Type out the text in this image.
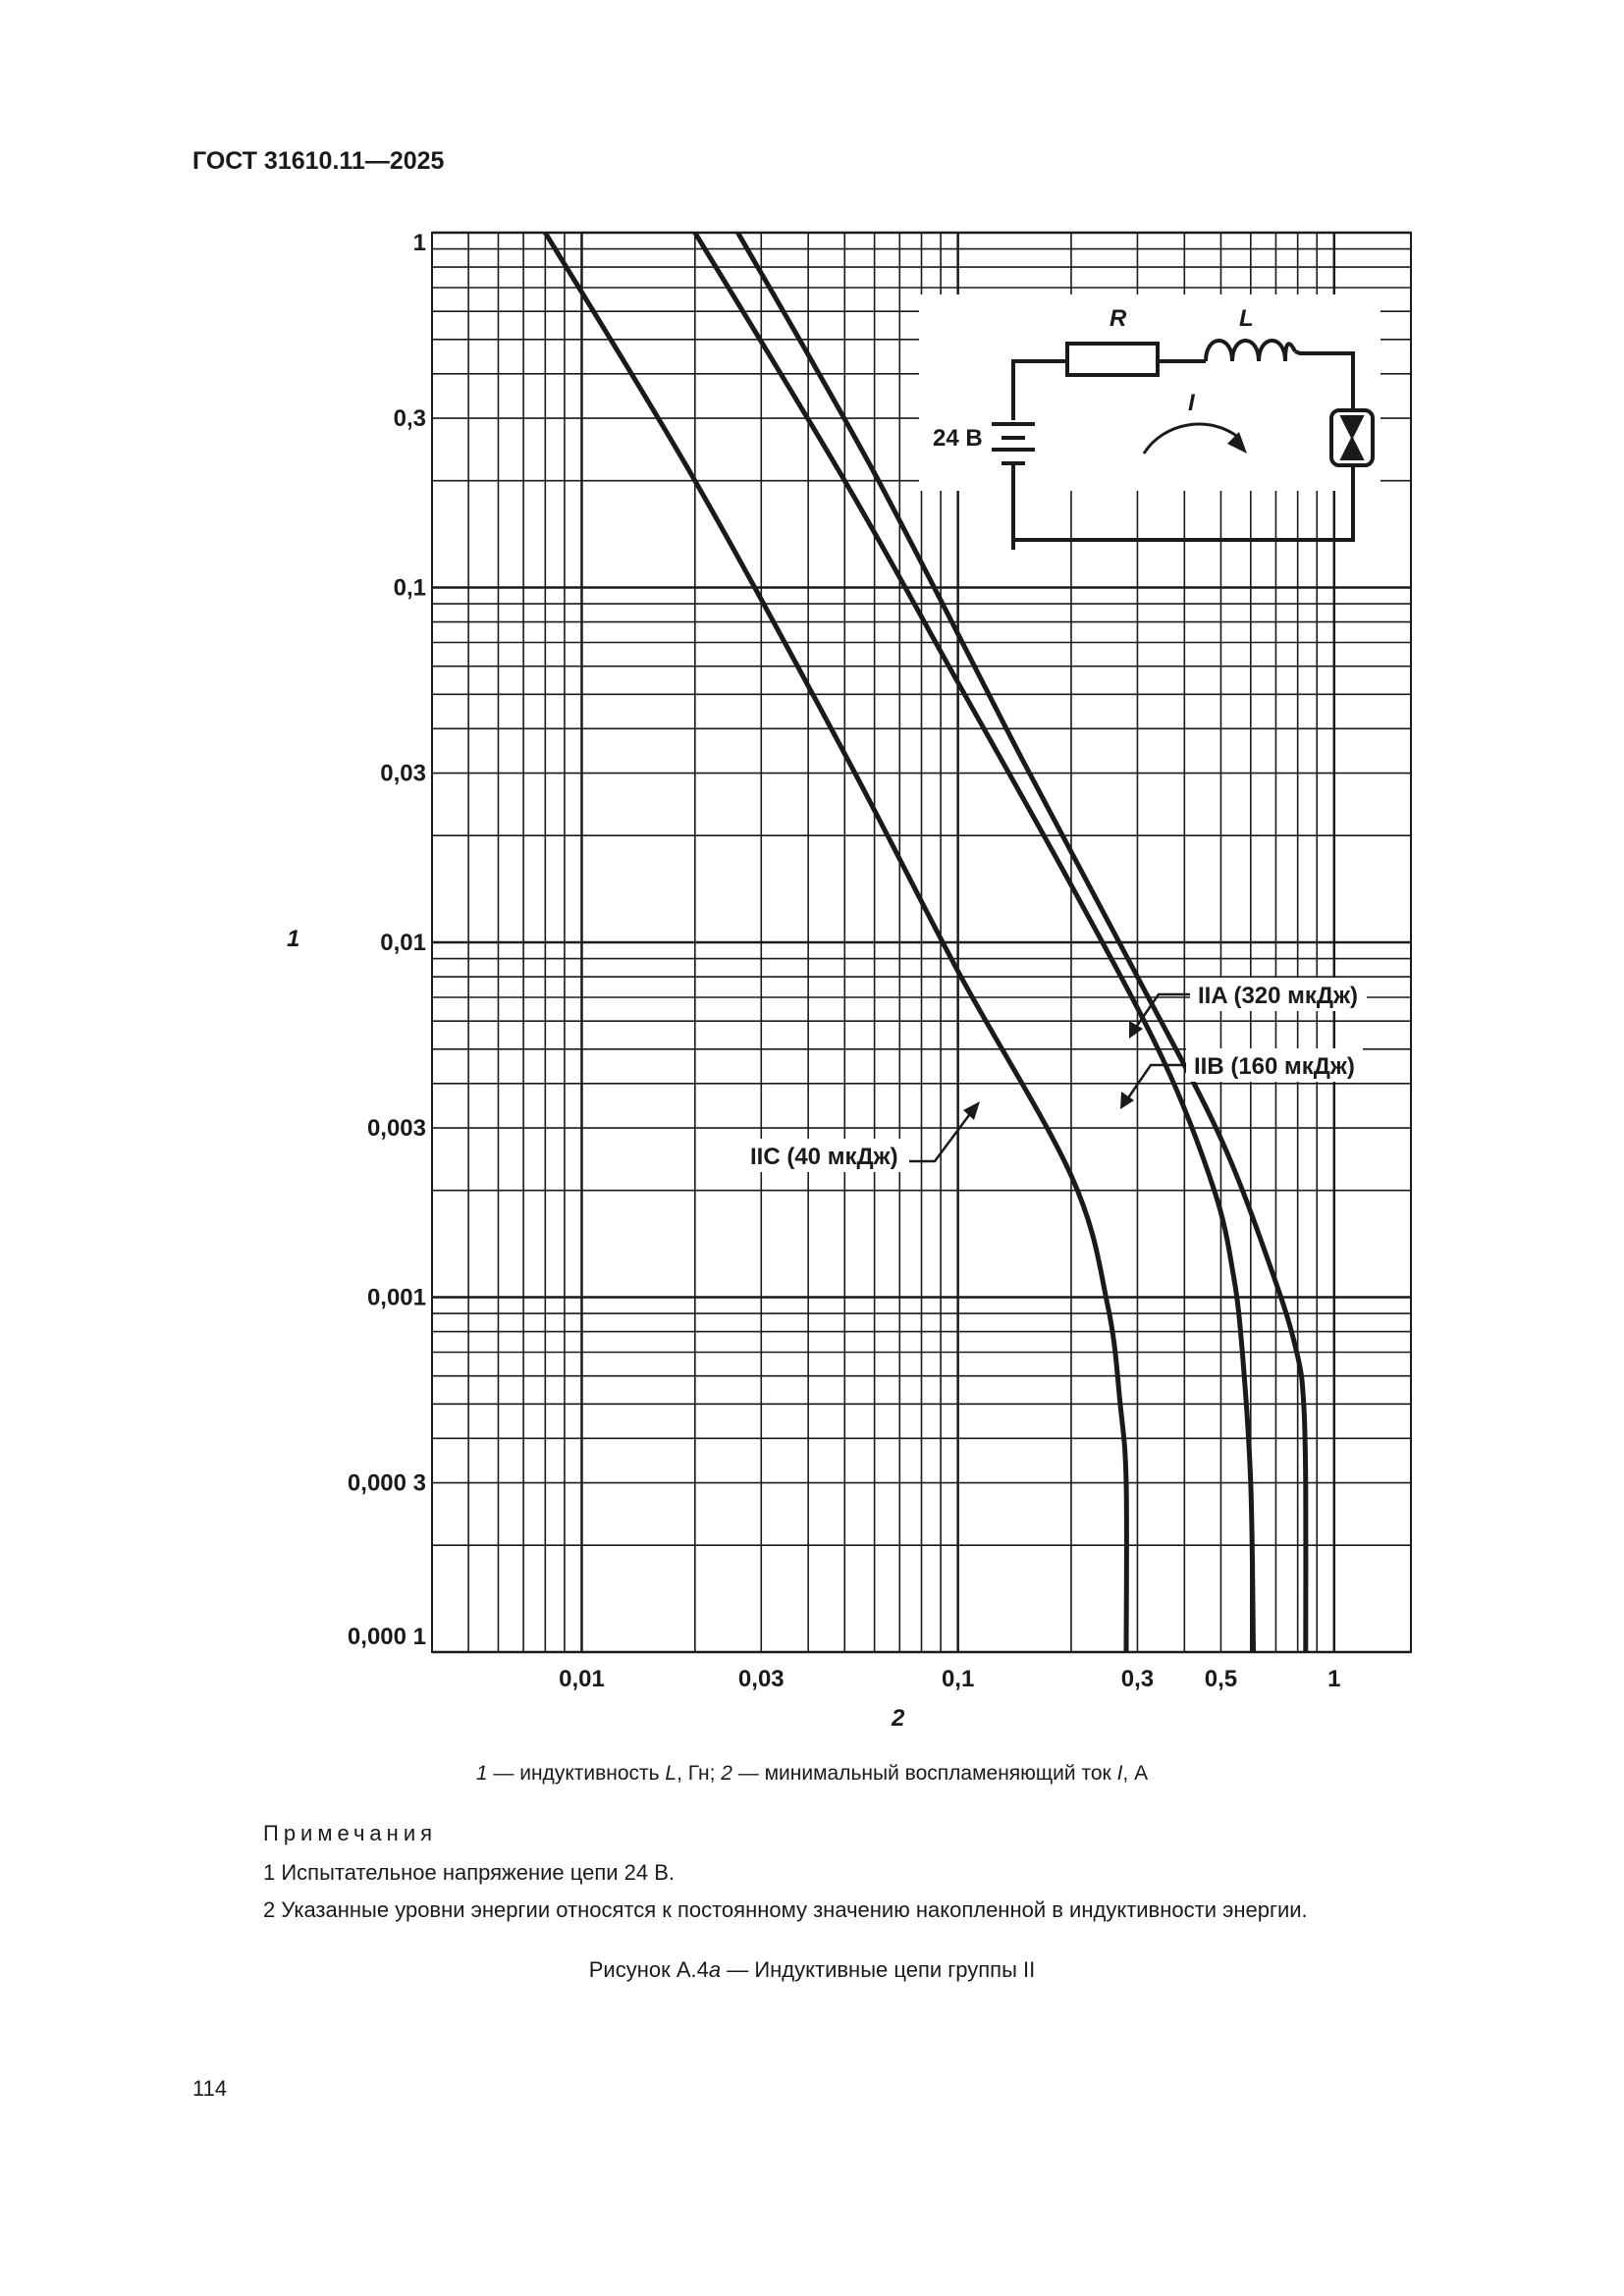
ГОСТ 31610.11—2025
0,01	0,03	0,1	0,3 0,5	1
1
0,3
0,1
0,03
0,01
0,003
0,001
0,000 3
0,000 1
R	L
I
24 В
IIA (320 мкДж)
IIB (160 мкДж)
IIC (40 мкДж)
1
2
1 — индуктивность L, Гн; 2 — минимальный воспламеняющий ток I, А
Примечания
1 Испытательное напряжение цепи 24 В.
2 Указанные уровни энергии относятся к постоянному значению накопленной в индуктивности энергии.
Рисунок А.4а — Индуктивные цепи группы II
114
